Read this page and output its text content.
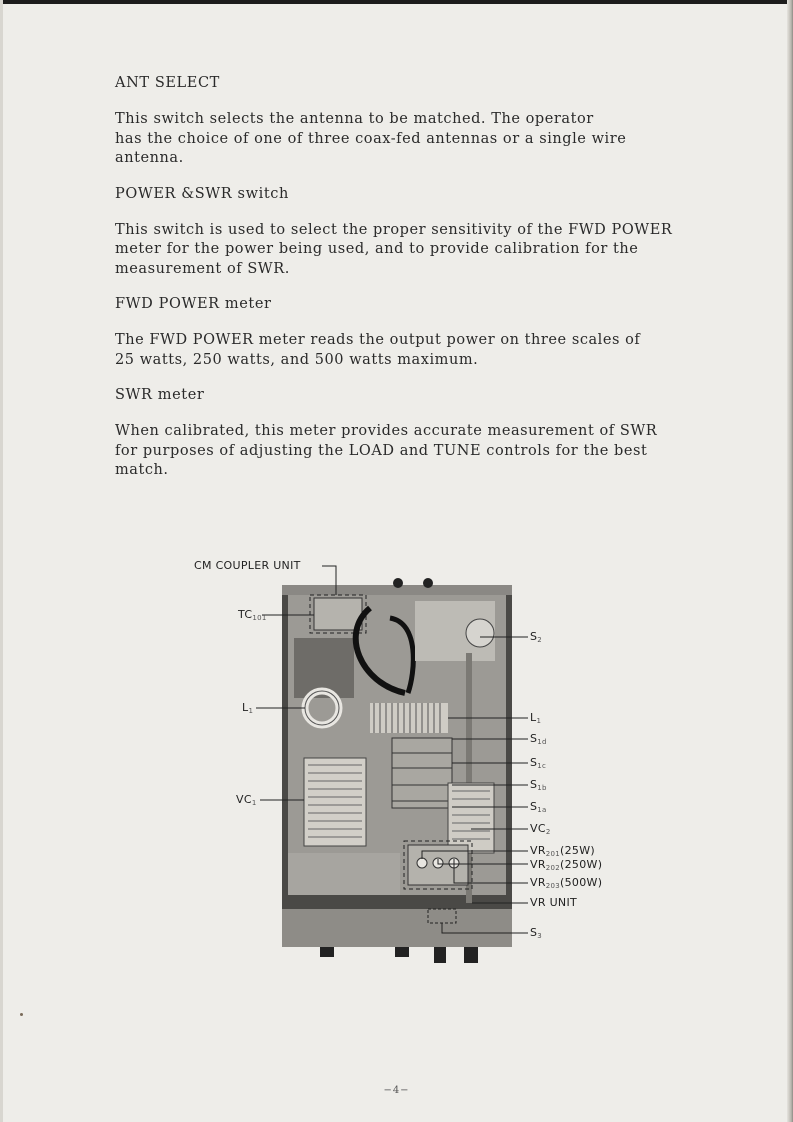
ANT SELECT

This switch selects the antenna to be matched. The operator
has the choice of one of three coax-fed antennas or a single wire
antenna.

POWER &SWR switch

This switch is used to select the proper sensitivity of the FWD POWER
meter for the power being used, and to provide calibration for the
measurement of SWR.

FWD POWER meter

The FWD POWER meter reads the output power on three scales of
25 watts, 250 watts, and 500 watts maximum.

SWR meter

When calibrated, this meter provides accurate measurement of SWR
for purposes of adjusting the LOAD and TUNE controls for the best
match.

CM COUPLER UNIT
$TC_{101}$
$L_1$
$VC_1$
$S_2$
$L_1$
$S_{1d}$
$S_{1c}$
$S_{1b}$
$S_{1a}$
$VC_2$
$VR_{201}(25W)$
$VR_{202}(250W)$
$VR_{203}(500W)$
VR UNIT
$S_3$
−4−
